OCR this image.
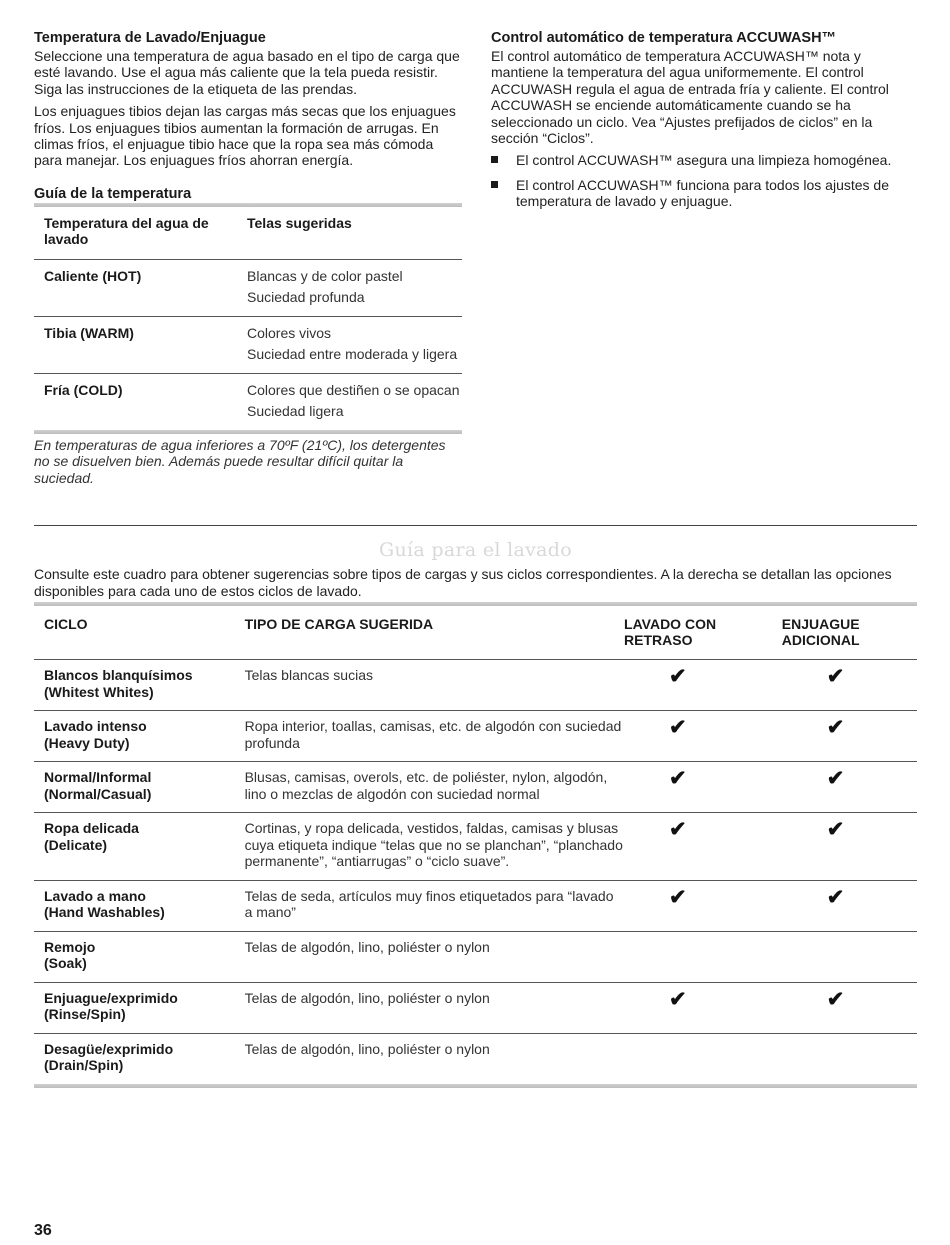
Temperatura de Lavado/Enjuague

Seleccione una temperatura de agua basado en el tipo de carga que esté lavando. Use el agua más caliente que la tela pueda resistir. Siga las instrucciones de la etiqueta de las prendas.

Los enjuagues tibios dejan las cargas más secas que los enjuagues fríos. Los enjuagues tibios aumentan la formación de arrugas. En climas fríos, el enjuague tibio hace que la ropa sea más cómoda para manejar. Los enjuagues fríos ahorran energía.

Guía de la temperatura
Temperatura del agua de lavado	Telas sugeridas
Caliente (HOT)	Blancas y de color pastel
Suciedad profunda

Tibia (WARM)	Colores vivos
Suciedad entre moderada y ligera

Fría (COLD)	Colores que destiñen o se opacan
Suciedad ligera
En temperaturas de agua inferiores a 70ºF (21ºC), los detergentes no se disuelven bien. Además puede resultar difícil quitar la suciedad.
Control automático de temperatura ACCUWASH™

El control automático de temperatura ACCUWASH™ nota y mantiene la temperatura del agua uniformemente. El control ACCUWASH regula el agua de entrada fría y caliente. El control ACCUWASH se enciende automáticamente cuando se ha seleccionado un ciclo. Vea “Ajustes prefijados de ciclos” en la sección “Ciclos”.

El control ACCUWASH™ asegura una limpieza homogénea.
El control ACCUWASH™ funciona para todos los ajustes de temperatura de lavado y enjuague.
Guía para el lavado
Consulte este cuadro para obtener sugerencias sobre tipos de cargas y sus ciclos correspondientes. A la derecha se detallan las opciones disponibles para cada uno de estos ciclos de lavado.
CICLO	TIPO DE CARGA SUGERIDA	LAVADO CON RETRASO	ENJUAGUE ADICIONAL

Blancos blanquísimos
(Whitest Whites)	Telas blancas sucias	✔	✔

Lavado intenso
(Heavy Duty)	Ropa interior, toallas, camisas, etc. de algodón con suciedad profunda	✔	✔

Normal/Informal
(Normal/Casual)	Blusas, camisas, overols, etc. de poliéster, nylon, algodón, lino o mezclas de algodón con suciedad normal	✔	✔

Ropa delicada
(Delicate)	Cortinas, y ropa delicada, vestidos, faldas, camisas y blusas cuya etiqueta indique “telas que no se planchan”, “planchado permanente”, “antiarrugas” o “ciclo suave”.	✔	✔

Lavado a mano
(Hand Washables)	Telas de seda, artículos muy finos etiquetados para “lavado a mano”	✔	✔

Remojo
(Soak)	Telas de algodón, lino, poliéster o nylon		

Enjuague/exprimido
(Rinse/Spin)	Telas de algodón, lino, poliéster o nylon	✔	✔

Desagüe/exprimido
(Drain/Spin)	Telas de algodón, lino, poliéster o nylon		
36
